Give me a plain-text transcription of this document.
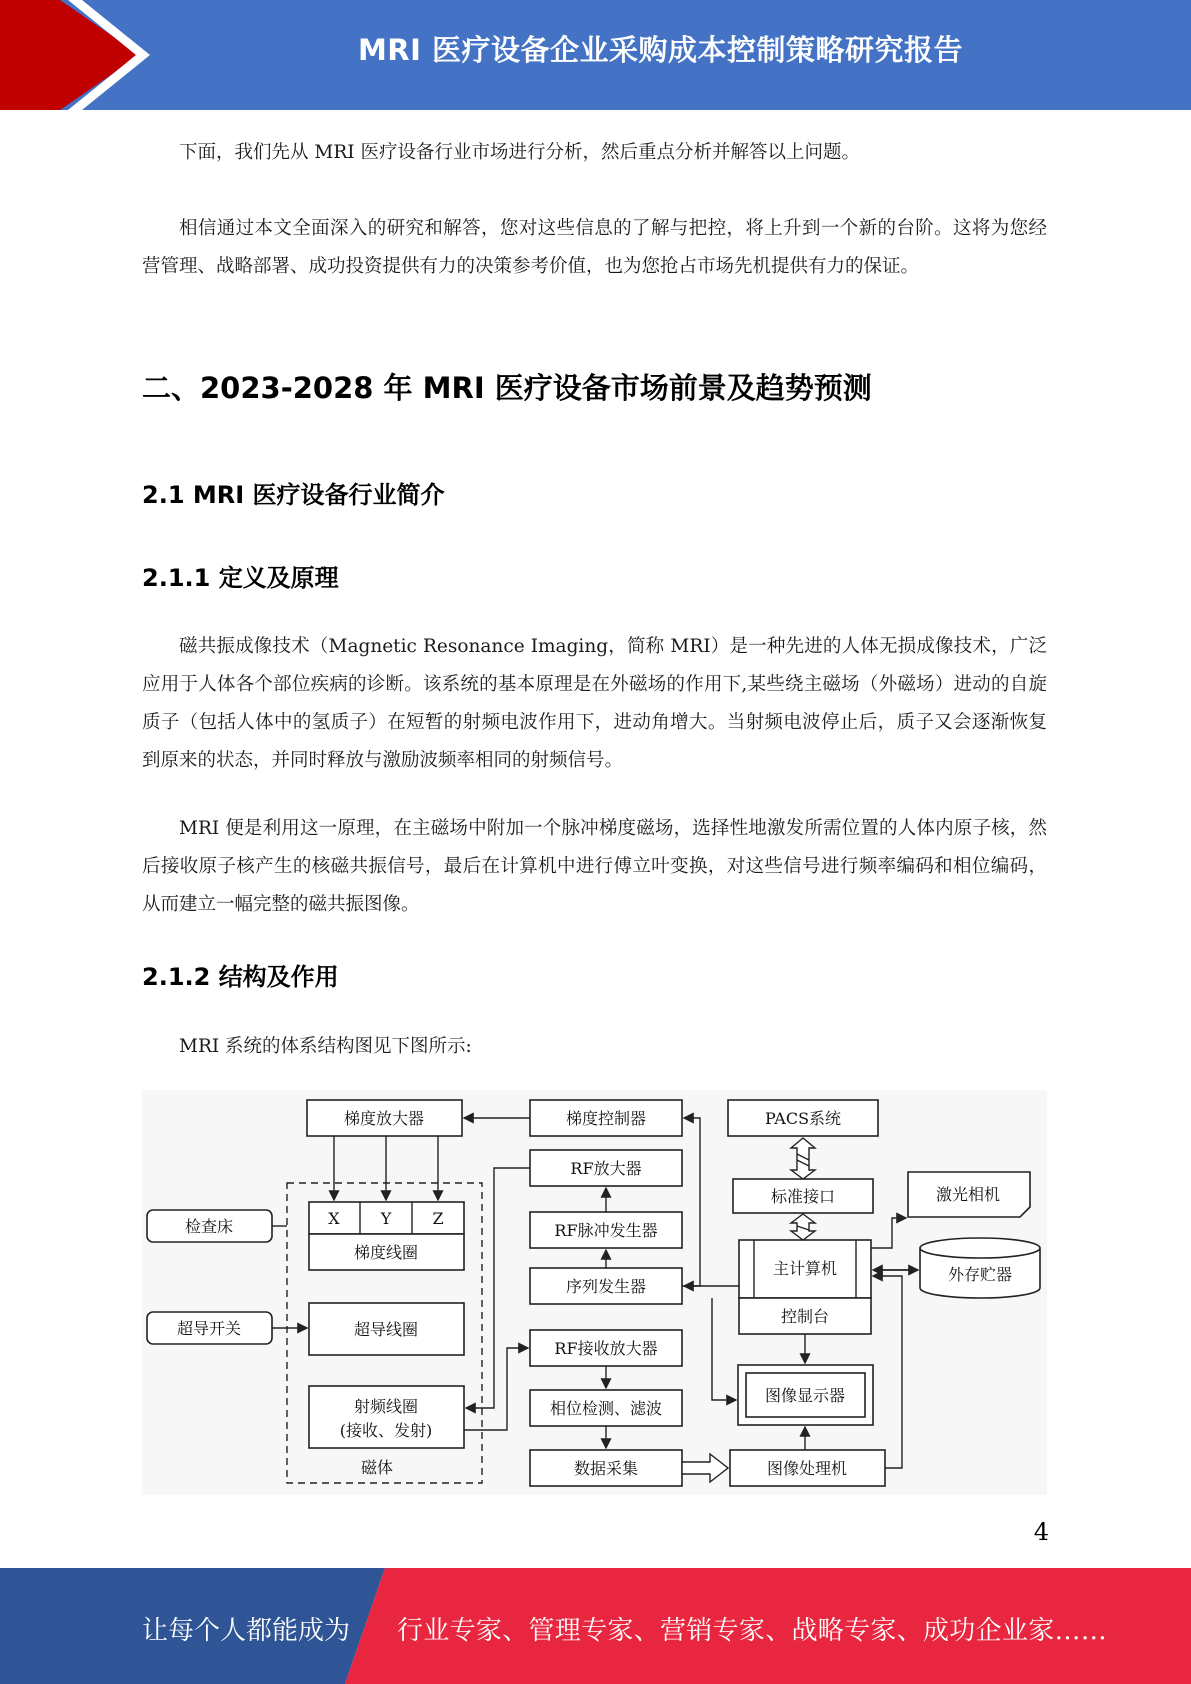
MRI 医疗设备企业采购成本控制策略研究报告

下面，我们先从 MRI 医疗设备行业市场进行分析，然后重点分析并解答以上问题。

相信通过本文全面深入的研究和解答，您对这些信息的了解与把控，将上升到一个新的台阶。这将为您经营管理、战略部署、成功投资提供有力的决策参考价值，也为您抢占市场先机提供有力的保证。

二、2023-2028 年 MRI 医疗设备市场前景及趋势预测
2.1 MRI 医疗设备行业简介
2.1.1 定义及原理

磁共振成像技术（Magnetic Resonance Imaging，简称 MRI）是一种先进的人体无损成像技术，广泛应用于人体各个部位疾病的诊断。该系统的基本原理是在外磁场的作用下,某些绕主磁场（外磁场）进动的自旋质子（包括人体中的氢质子）在短暂的射频电波作用下，进动角增大。当射频电波停止后，质子又会逐渐恢复到原来的状态，并同时释放与激励波频率相同的射频信号。

MRI 便是利用这一原理，在主磁场中附加一个脉冲梯度磁场，选择性地激发所需位置的人体内原子核，然后接收原子核产生的核磁共振信号，最后在计算机中进行傅立叶变换，对这些信号进行频率编码和相位编码，从而建立一幅完整的磁共振图像。

2.1.2 结构及作用

MRI 系统的体系结构图见下图所示:

磁体
梯度放大器	梯度控制器	PACS系统
RF放大器
标准接口	激光相机
检查床	X	Y	Z
梯度线圈
RF脉冲发生器
主计算机
控制台
外存贮器
序列发生器
超导开关	超导线圈
RF接收放大器
图像显示器
射频线圈
(接收、发射)
相位检测、滤波
数据采集	图像处理机
4
让每个人都能成为 行业专家、管理专家、营销专家、战略专家、成功企业家……
